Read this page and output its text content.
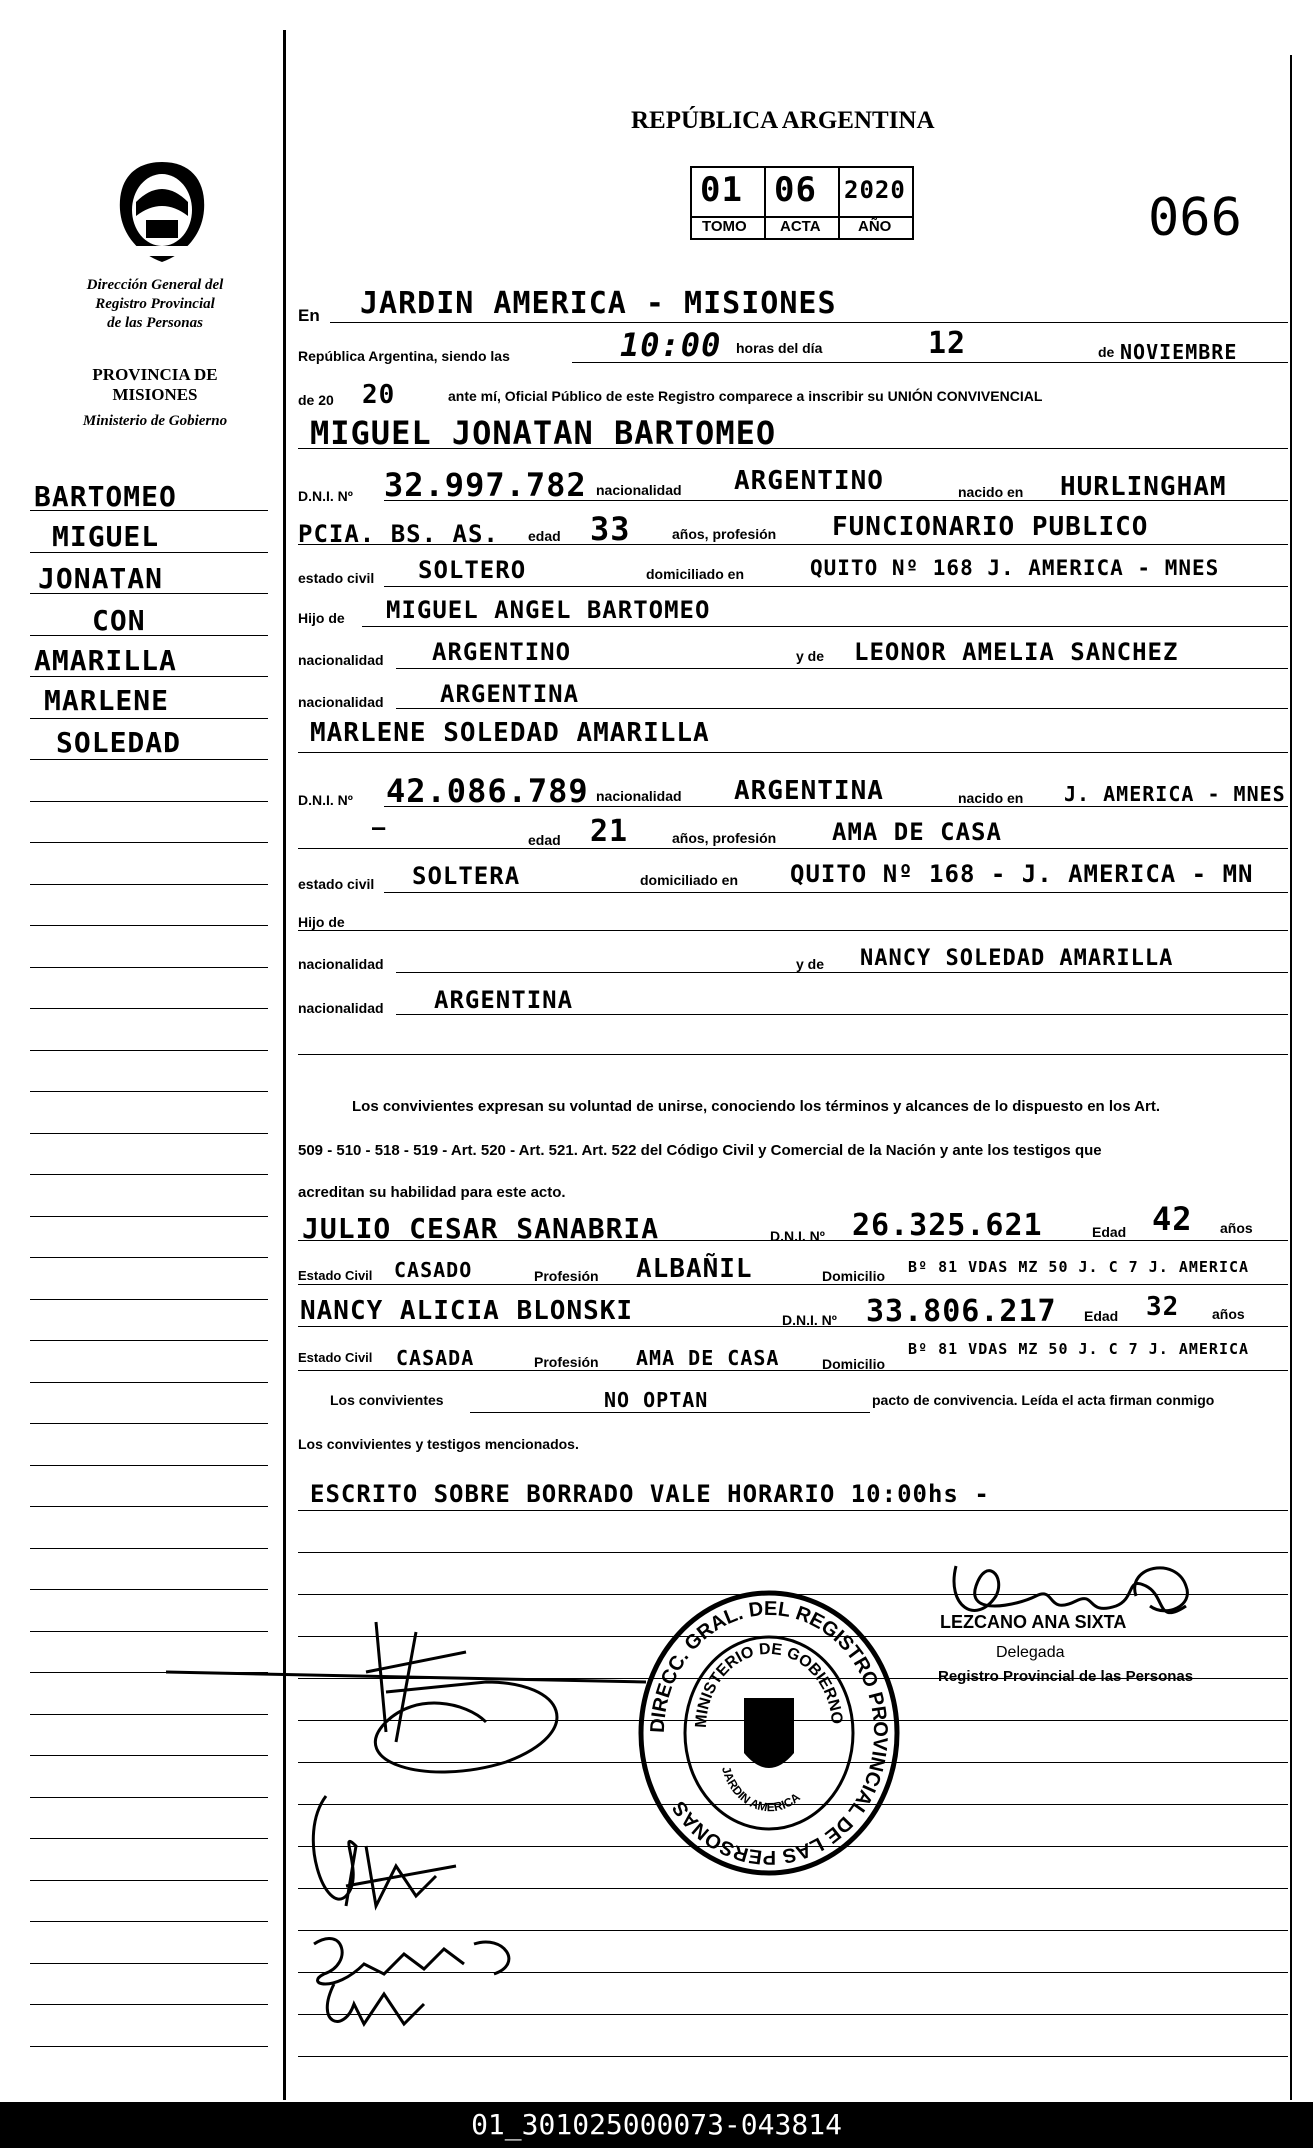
REPÚBLICA ARGENTINA
01 06 2020
TOMO ACTA AÑO	066
Dirección General del
Registro Provincial
de las Personas
PROVINCIA DE
MISIONES
Ministerio de Gobierno
BARTOMEO
MIGUEL
JONATAN
CON
AMARILLA
MARLENE
SOLEDAD
En JARDIN AMERICA - MISIONES
República Argentina, siendo las	10:00 horas del día	12	de NOVIEMBRE
de 20 20	ante mí, Oficial Público de este Registro comparece a inscribir su UNIÓN CONVIVENCIAL
MIGUEL JONATAN BARTOMEO
D.N.I. Nº 32.997.782 nacionalidad ARGENTINO	nacido en HURLINGHAM
PCIA. BS. AS. edad 33	años, profesión FUNCIONARIO PUBLICO
estado civil SOLTERO	domiciliado en	QUITO Nº 168 J. AMERICA - MNES
Hijo de MIGUEL ANGEL BARTOMEO
nacionalidad ARGENTINO	y de LEONOR AMELIA SANCHEZ
nacionalidad ARGENTINA
MARLENE SOLEDAD AMARILLA
D.N.I. Nº 42.086.789 nacionalidad ARGENTINA	nacido en J. AMERICA - MNES
—	edad 21	años, profesión AMA DE CASA
estado civil SOLTERA	domiciliado en QUITO Nº 168 - J. AMERICA - MN
Hijo de
nacionalidad	y de NANCY SOLEDAD AMARILLA
nacionalidad ARGENTINA
Los convivientes expresan su voluntad de unirse, conociendo los términos y alcances de lo dispuesto en los Art.
509 - 510 - 518 - 519 - Art. 520 - Art. 521. Art. 522 del Código Civil y Comercial de la Nación y ante los testigos que
acreditan su habilidad para este acto.
JULIO CESAR SANABRIA	D.N.I. Nº 26.325.621	Edad 42 años
Estado Civil CASADO	Profesión ALBAÑIL	Domicilio Bº 81 VDAS MZ 50 J. C 7 J. AMERICA
NANCY ALICIA BLONSKI	D.N.I. Nº 33.806.217 Edad 32 años
Estado Civil CASADA	Profesión AMA DE CASA	Domicilio
Bº 81 VDAS MZ 50 J. C 7 J. AMERICA
Los convivientes	NO OPTAN	pacto de convivencia. Leída el acta firman conmigo
Los convivientes y testigos mencionados.
ESCRITO SOBRE BORRADO VALE HORARIO 10:00hs -
LEZCANO ANA SIXTA
Delegada
Registro Provincial de las Personas
DIRECC. GRAL. DEL REGISTRO PROVINCIAL DE LAS PERSONAS
MINISTERIO DE GOBIERNO
JARDIN AMERICA
01_301025000073-043814
